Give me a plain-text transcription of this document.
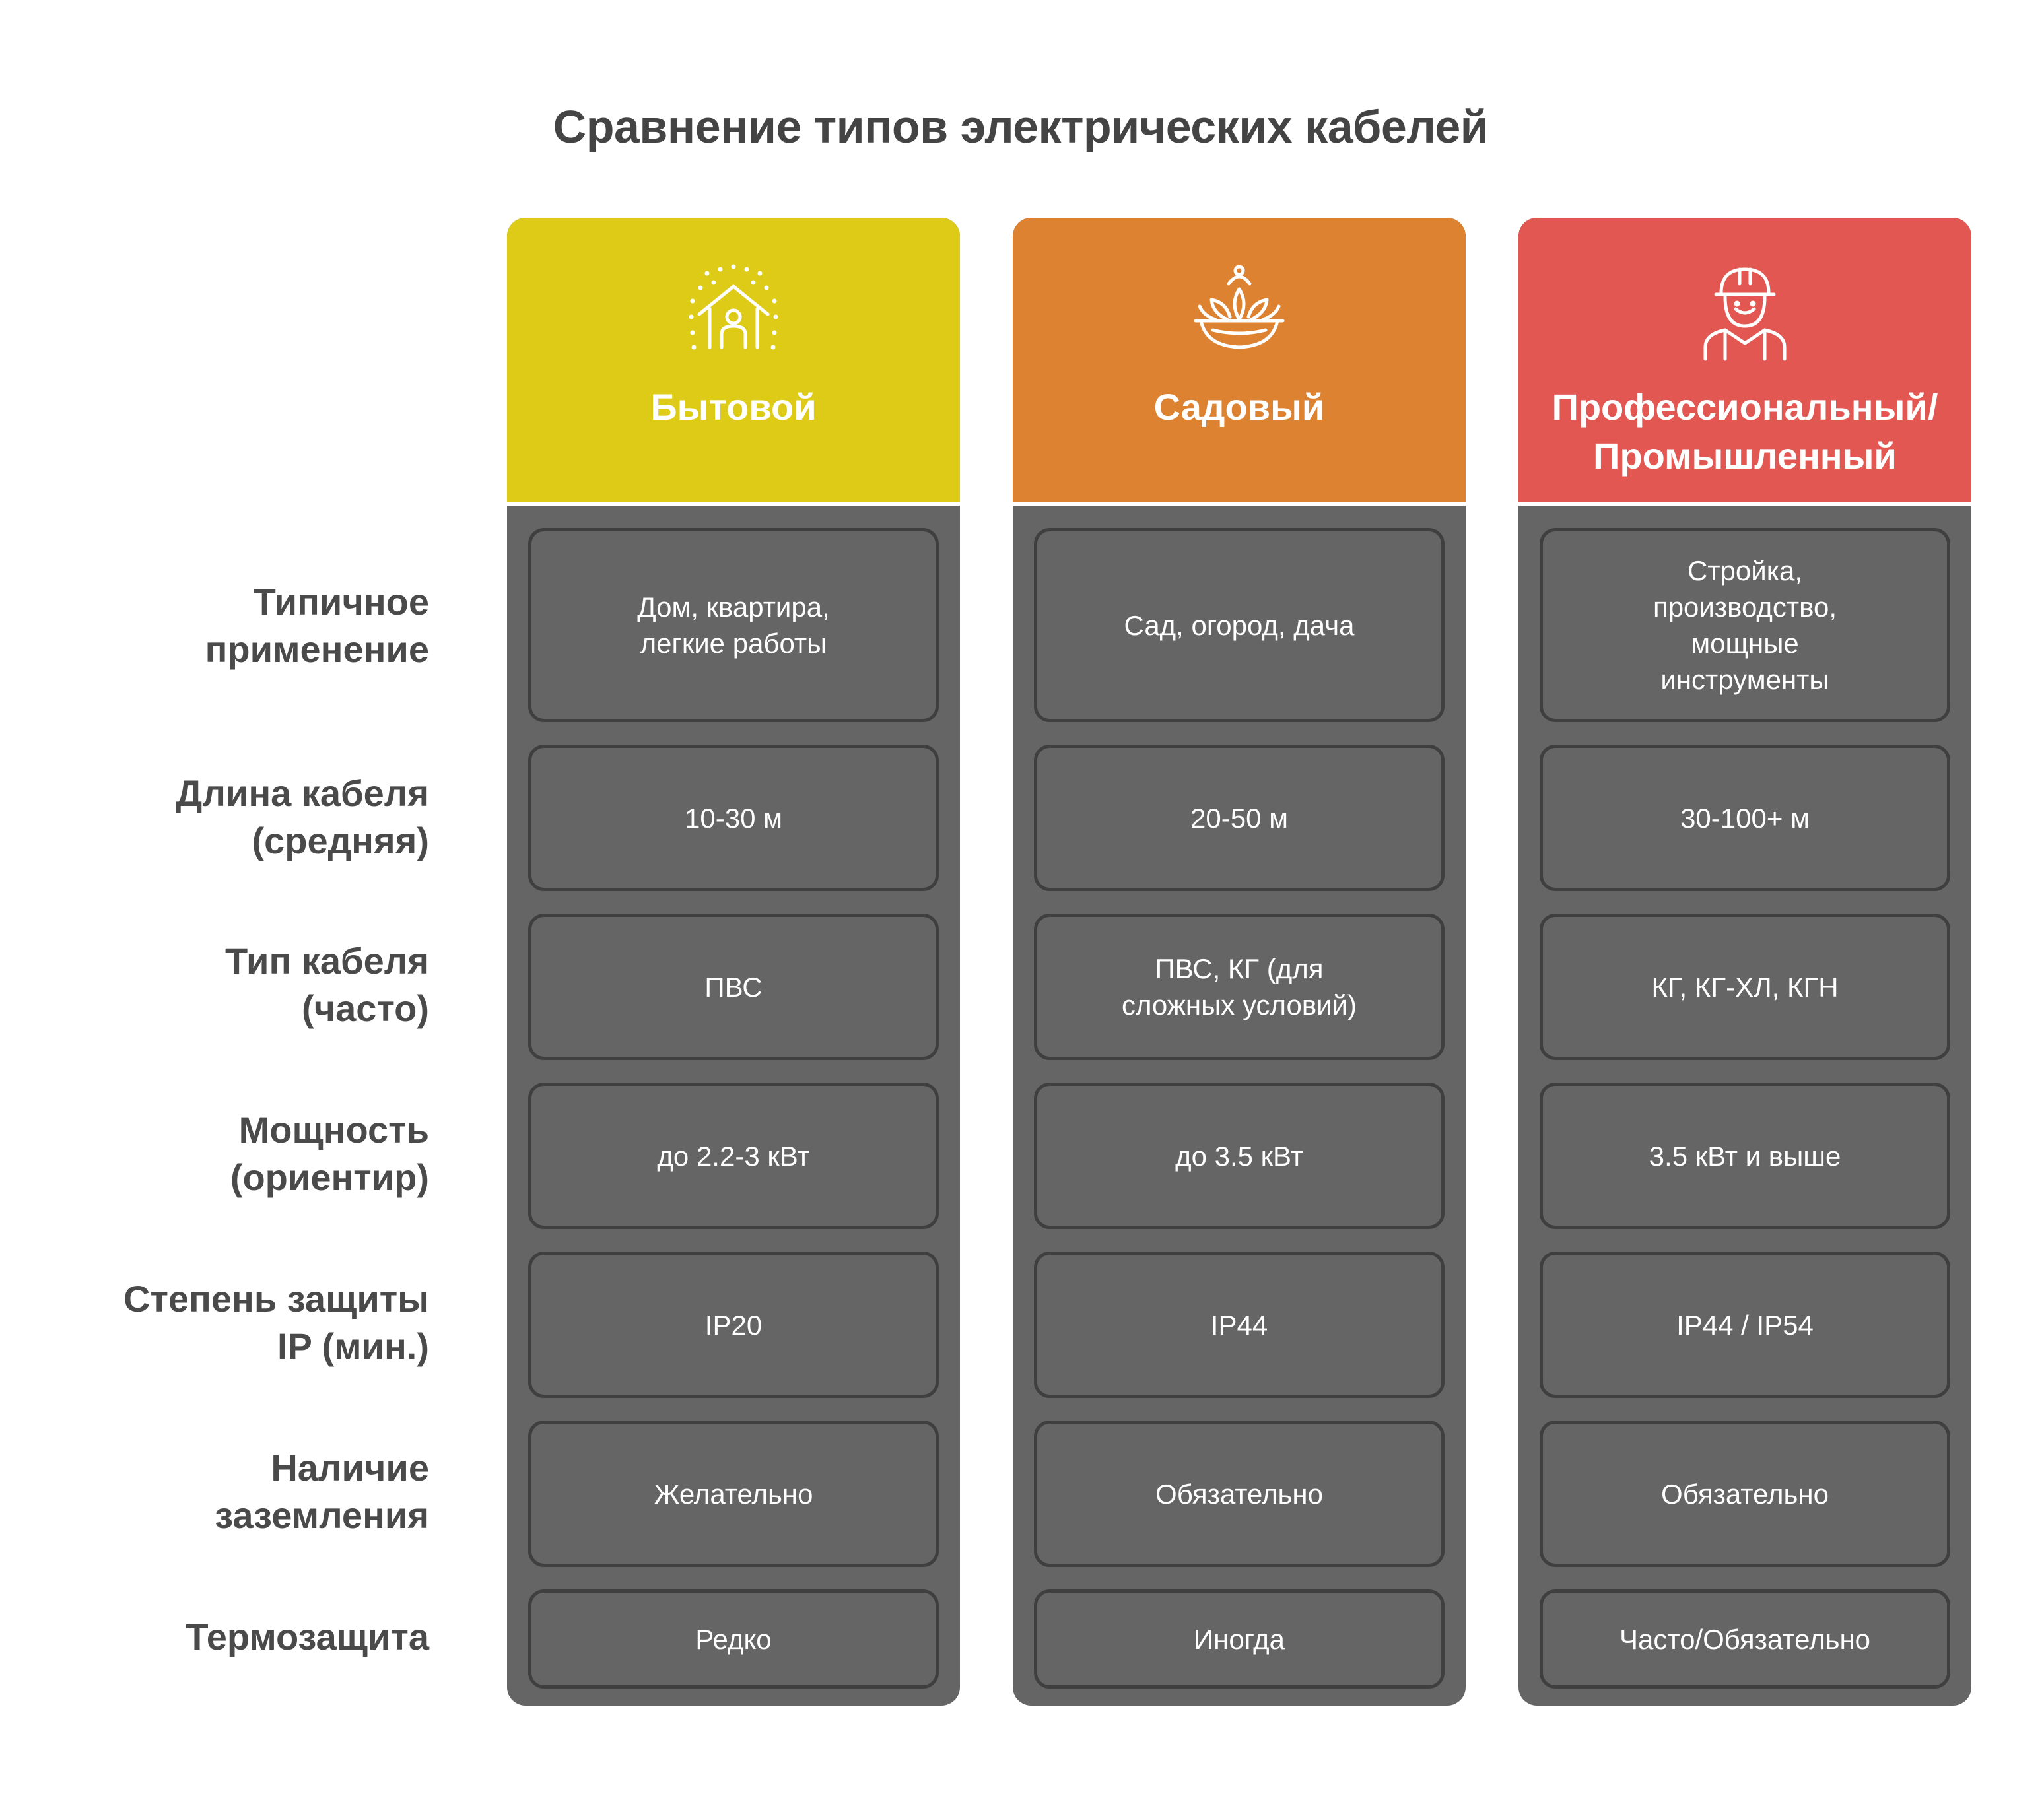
Сравнение типов электрических кабелей
Типичное
применение
Длина кабеля
(средняя)
Тип кабеля
(часто)
Мощность
(ориентир)
Степень защиты
IP (мин.)
Наличие
заземления
Термозащита
Бытовой
Дом, квартира,
легкие работы
10-30 м
ПВС
до 2.2-3 кВт
IP20
Желательно
Редко
Садовый
Сад, огород, дача
20-50 м
ПВС, КГ (для
сложных условий)
до 3.5 кВт
IP44
Обязательно
Иногда
Профессиональный/
Промышленный
Стройка,
производство,
мощные
инструменты
30-100+ м
КГ, КГ-ХЛ, КГН
3.5 кВт и выше
IP44 / IP54
Обязательно
Часто/Обязательно
